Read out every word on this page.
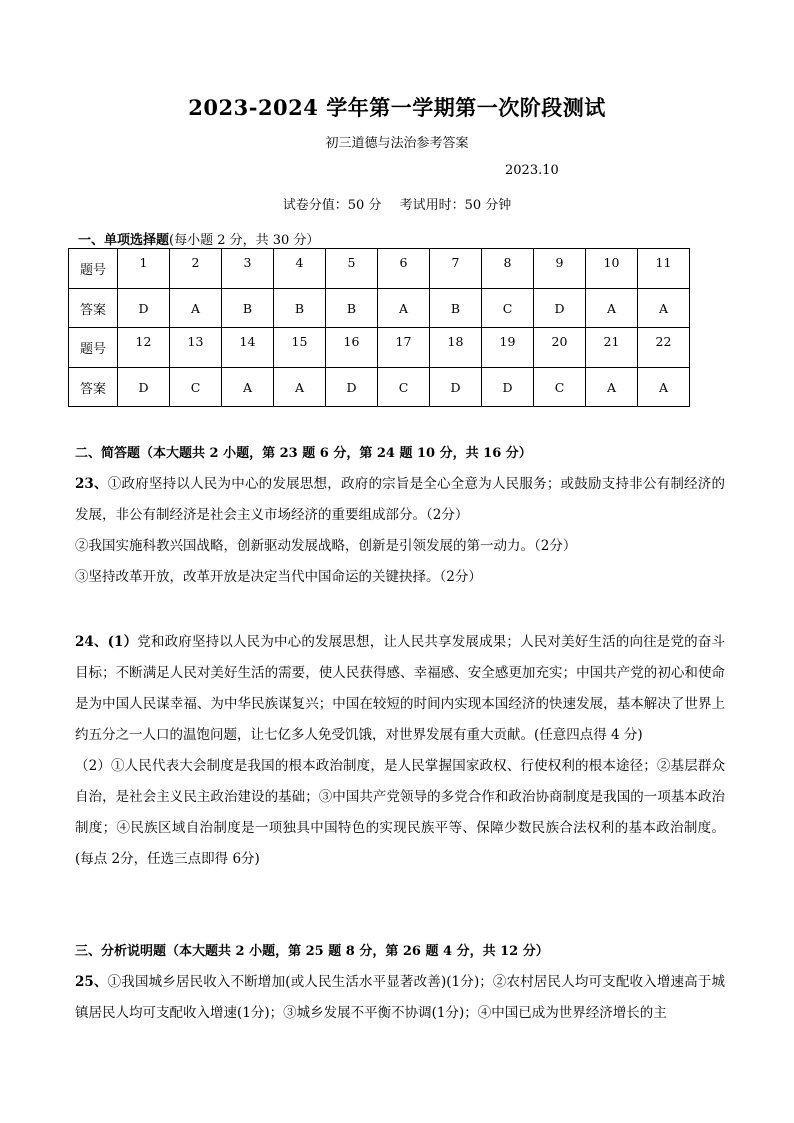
2023-2024 学年第一学期第一次阶段测试
初三道德与法治参考答案
2023.10
试卷分值：50 分 考试用时：50 分钟
一、单项选择题(每小题 2 分，共 30 分）
题号	1	2	3	4	5	6	7	8	9	10	11
答案	D	A	B	B	B	A	B	C	D	A	A
题号	12	13	14	15	16	17	18	19	20	21	22
答案	D	C	A	A	D	C	D	D	C	A	A

二、简答题（本大题共 2 小题，第 23 题 6 分，第 24 题 10 分，共 16 分）

23、①政府坚持以人民为中心的发展思想，政府的宗旨是全心全意为人民服务；或鼓励支持非公有制经济的发展，非公有制经济是社会主义市场经济的重要组成部分。（2分）

②我国实施科教兴国战略，创新驱动发展战略，创新是引领发展的第一动力。（2分）

③坚持改革开放，改革开放是决定当代中国命运的关键抉择。（2分）

24、(1）党和政府坚持以人民为中心的发展思想，让人民共享发展成果；人民对美好生活的向往是党的奋斗目标；不断满足人民对美好生活的需要，使人民获得感、幸福感、安全感更加充实；中国共产党的初心和使命是为中国人民谋幸福、为中华民族谋复兴；中国在较短的时间内实现本国经济的快速发展，基本解决了世界上约五分之一人口的温饱问题，让七亿多人免受饥饿，对世界发展有重大贡献。(任意四点得 4 分)

（2）①人民代表大会制度是我国的根本政治制度，是人民掌握国家政权、行使权利的根本途径；②基层群众自治，是社会主义民主政治建设的基础；③中国共产党领导的多党合作和政治协商制度是我国的一项基本政治制度；④民族区域自治制度是一项独具中国特色的实现民族平等、保障少数民族合法权利的基本政治制度。(每点 2分，任选三点即得 6分)

三、分析说明题（本大题共 2 小题，第 25 题 8 分，第 26 题 4 分，共 12 分）

25、①我国城乡居民收入不断增加(或人民生活水平显著改善)(1分)；②农村居民人均可支配收入增速高于城镇居民人均可支配收入增速(1分)；③城乡发展不平衡不协调(1分)；④中国已成为世界经济增长的主
